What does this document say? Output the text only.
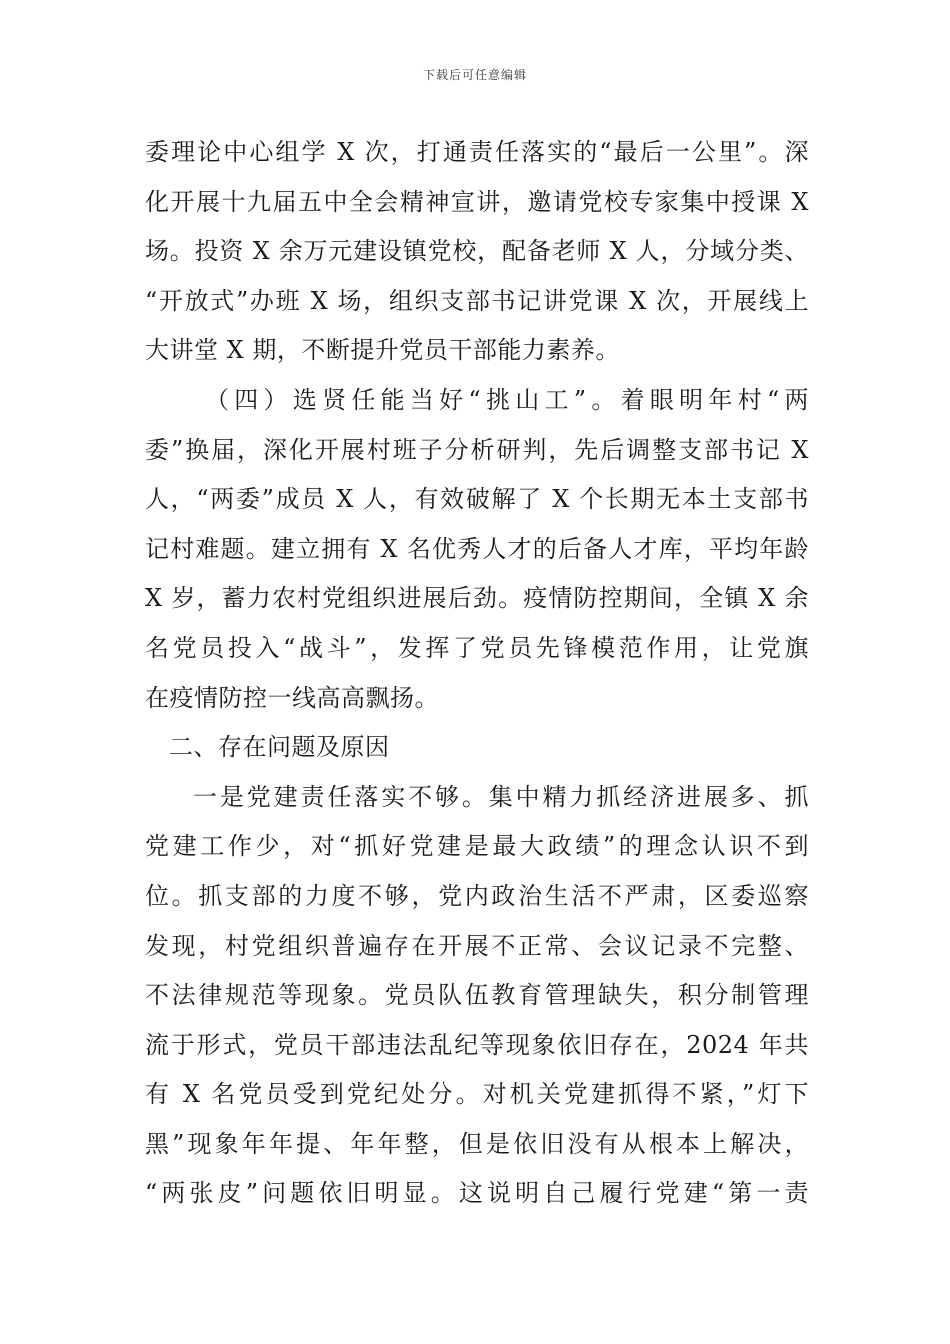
下载后可任意编辑
委理论中心组学 X 次，打通责任落实的“最后一公里”。深
化开展十九届五中全会精神宣讲，邀请党校专家集中授课 X
场。投资 X 余万元建设镇党校，配备老师 X 人，分域分类、
“开放式”办班 X 场，组织支部书记讲党课 X 次，开展线上
大讲堂 X 期，不断提升党员干部能力素养。
（四）选贤任能当好“挑山工”。着眼明年村“两
委”换届，深化开展村班子分析研判，先后调整支部书记 X
人，“两委”成员 X 人，有效破解了 X 个长期无本土支部书
记村难题。建立拥有 X 名优秀人才的后备人才库，平均年龄
X 岁，蓄力农村党组织进展后劲。疫情防控期间，全镇 X 余
名党员投入“战斗”，发挥了党员先锋模范作用，让党旗
在疫情防控一线高高飘扬。
二、存在问题及原因
一是党建责任落实不够。集中精力抓经济进展多、抓
党建工作少，对“抓好党建是最大政绩”的理念认识不到
位。抓支部的力度不够，党内政治生活不严肃，区委巡察
发现，村党组织普遍存在开展不正常、会议记录不完整、
不法律规范等现象。党员队伍教育管理缺失，积分制管理
流于形式，党员干部违法乱纪等现象依旧存在，2024 年共
有 X 名党员受到党纪处分。对机关党建抓得不紧，”灯下
黑”现象年年提、年年整，但是依旧没有从根本上解决，
“两张皮”问题依旧明显。这说明自己履行党建“第一责
